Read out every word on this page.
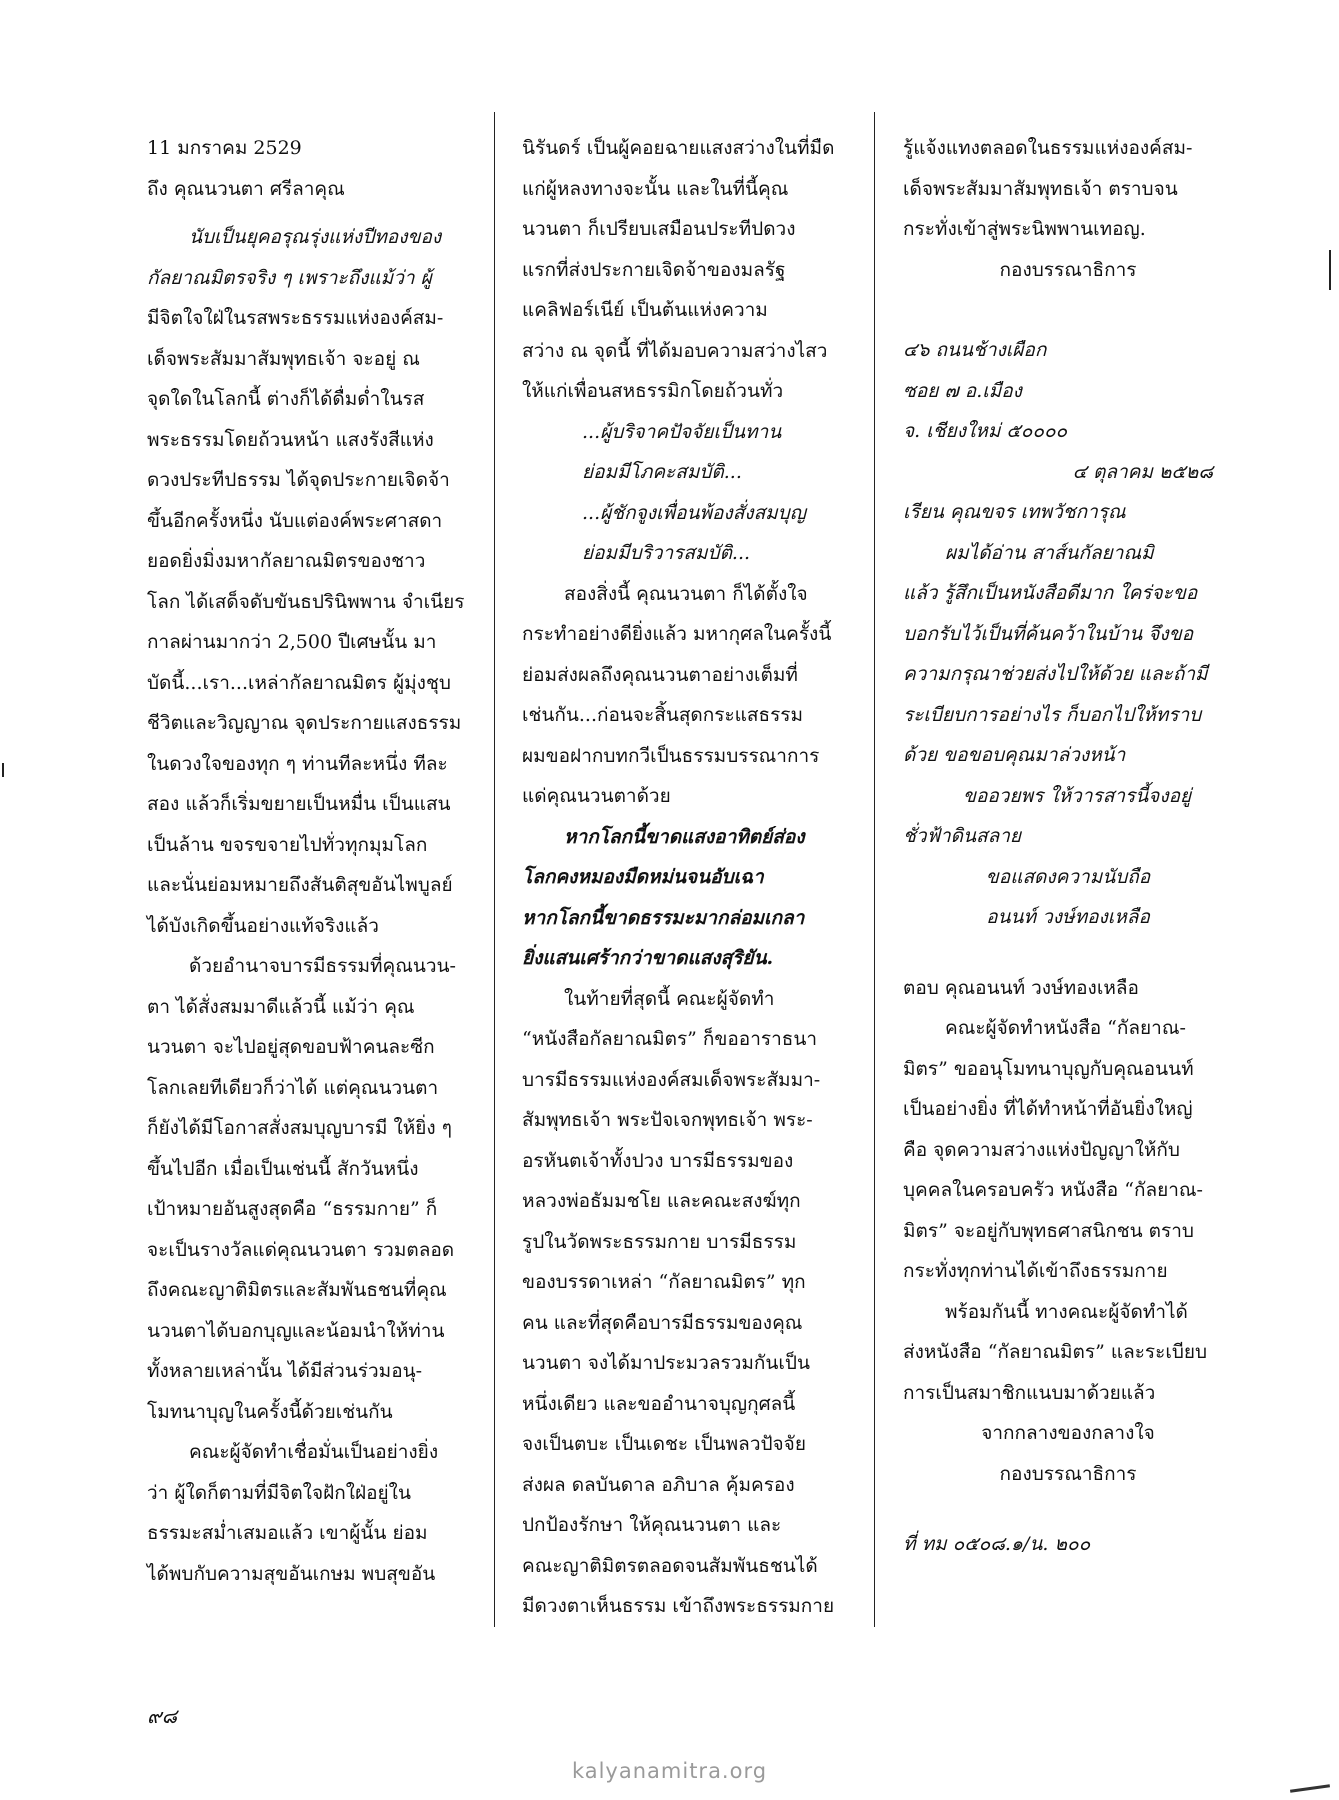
11 มกราคม 2529

ถึง คุณนวนตา ศรีลาคุณ

นับเป็นยุคอรุณรุ่งแห่งปีทองของ

กัลยาณมิตรจริง ๆ เพราะถึงแม้ว่า ผู้

มีจิตใจใฝ่ในรสพระธรรมแห่งองค์สม-

เด็จพระสัมมาสัมพุทธเจ้า จะอยู่ ณ

จุดใดในโลกนี้ ต่างก็ได้ดื่มด่ำในรส

พระธรรมโดยถ้วนหน้า แสงรังสีแห่ง

ดวงประทีปธรรม ได้จุดประกายเจิดจ้า

ขึ้นอีกครั้งหนึ่ง นับแต่องค์พระศาสดา

ยอดยิ่งมิ่งมหากัลยาณมิตรของชาว

โลก ได้เสด็จดับขันธปรินิพพาน จำเนียร

กาลผ่านมากว่า 2,500 ปีเศษนั้น มา

บัดนี้...เรา...เหล่ากัลยาณมิตร ผู้มุ่งชุบ

ชีวิตและวิญญาณ จุดประกายแสงธรรม

ในดวงใจของทุก ๆ ท่านทีละหนึ่ง ทีละ

สอง แล้วก็เริ่มขยายเป็นหมื่น เป็นแสน

เป็นล้าน ขจรขจายไปทั่วทุกมุมโลก

และนั่นย่อมหมายถึงสันติสุขอันไพบูลย์

ได้บังเกิดขึ้นอย่างแท้จริงแล้ว

ด้วยอำนาจบารมีธรรมที่คุณนวน-

ตา ได้สั่งสมมาดีแล้วนี้ แม้ว่า คุณ

นวนตา จะไปอยู่สุดขอบฟ้าคนละซีก

โลกเลยทีเดียวก็ว่าได้ แต่คุณนวนตา

ก็ยังได้มีโอกาสสั่งสมบุญบารมี ให้ยิ่ง ๆ

ขึ้นไปอีก เมื่อเป็นเช่นนี้ สักวันหนึ่ง

เป้าหมายอันสูงสุดคือ “ธรรมกาย” ก็

จะเป็นรางวัลแด่คุณนวนตา รวมตลอด

ถึงคณะญาติมิตรและสัมพันธชนที่คุณ

นวนตาได้บอกบุญและน้อมนำให้ท่าน

ทั้งหลายเหล่านั้น ได้มีส่วนร่วมอนุ-

โมทนาบุญในครั้งนี้ด้วยเช่นกัน

คณะผู้จัดทำเชื่อมั่นเป็นอย่างยิ่ง

ว่า ผู้ใดก็ตามที่มีจิตใจฝักใฝ่อยู่ใน

ธรรมะสม่ำเสมอแล้ว เขาผู้นั้น ย่อม

ได้พบกับความสุขอันเกษม พบสุขอัน

นิรันดร์ เป็นผู้คอยฉายแสงสว่างในที่มืด

แก่ผู้หลงทางจะนั้น และในที่นี้คุณ

นวนตา ก็เปรียบเสมือนประทีปดวง

แรกที่ส่งประกายเจิดจ้าของมลรัฐ

แคลิฟอร์เนีย์ เป็นต้นแห่งความ

สว่าง ณ จุดนี้ ที่ได้มอบความสว่างไสว

ให้แก่เพื่อนสหธรรมิกโดยถ้วนทั่ว

...ผู้บริจาคปัจจัยเป็นทาน

ย่อมมีโภคะสมบัติ...

...ผู้ชักจูงเพื่อนพ้องสั่งสมบุญ

ย่อมมีบริวารสมบัติ...

สองสิ่งนี้ คุณนวนตา ก็ได้ตั้งใจ

กระทำอย่างดียิ่งแล้ว มหากุศลในครั้งนี้

ย่อมส่งผลถึงคุณนวนตาอย่างเต็มที่

เช่นกัน...ก่อนจะสิ้นสุดกระแสธรรม

ผมขอฝากบทกวีเป็นธรรมบรรณาการ

แด่คุณนวนตาด้วย

หากโลกนี้ขาดแสงอาทิตย์ส่อง

โลกคงหมองมืดหม่นจนอับเฉา

หากโลกนี้ขาดธรรมะมากล่อมเกลา

ยิ่งแสนเศร้ากว่าขาดแสงสุริยัน.

ในท้ายที่สุดนี้ คณะผู้จัดทำ

“หนังสือกัลยาณมิตร” ก็ขออาราธนา

บารมีธรรมแห่งองค์สมเด็จพระสัมมา-

สัมพุทธเจ้า พระปัจเจกพุทธเจ้า พระ-

อรหันตเจ้าทั้งปวง บารมีธรรมของ

หลวงพ่อธัมมชโย และคณะสงฆ์ทุก

รูปในวัดพระธรรมกาย บารมีธรรม

ของบรรดาเหล่า “กัลยาณมิตร” ทุก

คน และที่สุดคือบารมีธรรมของคุณ

นวนตา จงได้มาประมวลรวมกันเป็น

หนึ่งเดียว และขออำนาจบุญกุศลนี้

จงเป็นตบะ เป็นเดชะ เป็นพลวปัจจัย

ส่งผล ดลบันดาล อภิบาล คุ้มครอง

ปกป้องรักษา ให้คุณนวนตา และ

คณะญาติมิตรตลอดจนสัมพันธชนได้

มีดวงตาเห็นธรรม เข้าถึงพระธรรมกาย

รู้แจ้งแทงตลอดในธรรมแห่งองค์สม-

เด็จพระสัมมาสัมพุทธเจ้า ตราบจน

กระทั่งเข้าสู่พระนิพพานเทอญ.

กองบรรณาธิการ

๔๖ ถนนช้างเผือก

ซอย ๗ อ.เมือง

จ. เชียงใหม่ ๕๐๐๐๐

๔ ตุลาคม ๒๕๒๘

เรียน คุณขจร เทพวัชการุณ

ผมได้อ่าน สาส์นกัลยาณมิ

แล้ว รู้สึกเป็นหนังสือดีมาก ใคร่จะขอ

บอกรับไว้เป็นที่ค้นคว้าในบ้าน จึงขอ

ความกรุณาช่วยส่งไปให้ด้วย และถ้ามี

ระเบียบการอย่างไร ก็บอกไปให้ทราบ

ด้วย ขอขอบคุณมาล่วงหน้า

ขออวยพร ให้วารสารนี้จงอยู่

ชั่วฟ้าดินสลาย

ขอแสดงความนับถือ

อนนท์ วงษ์ทองเหลือ

ตอบ คุณอนนท์ วงษ์ทองเหลือ

คณะผู้จัดทำหนังสือ “กัลยาณ-

มิตร” ขออนุโมทนาบุญกับคุณอนนท์

เป็นอย่างยิ่ง ที่ได้ทำหน้าที่อันยิ่งใหญ่

คือ จุดความสว่างแห่งปัญญาให้กับ

บุคคลในครอบครัว หนังสือ “กัลยาณ-

มิตร” จะอยู่กับพุทธศาสนิกชน ตราบ

กระทั่งทุกท่านได้เข้าถึงธรรมกาย

พร้อมกันนี้ ทางคณะผู้จัดทำได้

ส่งหนังสือ “กัลยาณมิตร” และระเบียบ

การเป็นสมาชิกแนบมาด้วยแล้ว

จากกลางของกลางใจ

กองบรรณาธิการ

ที่ ทม ๐๕๐๘.๑/น. ๒๐๐

๙๘
kalyanamitra.org
